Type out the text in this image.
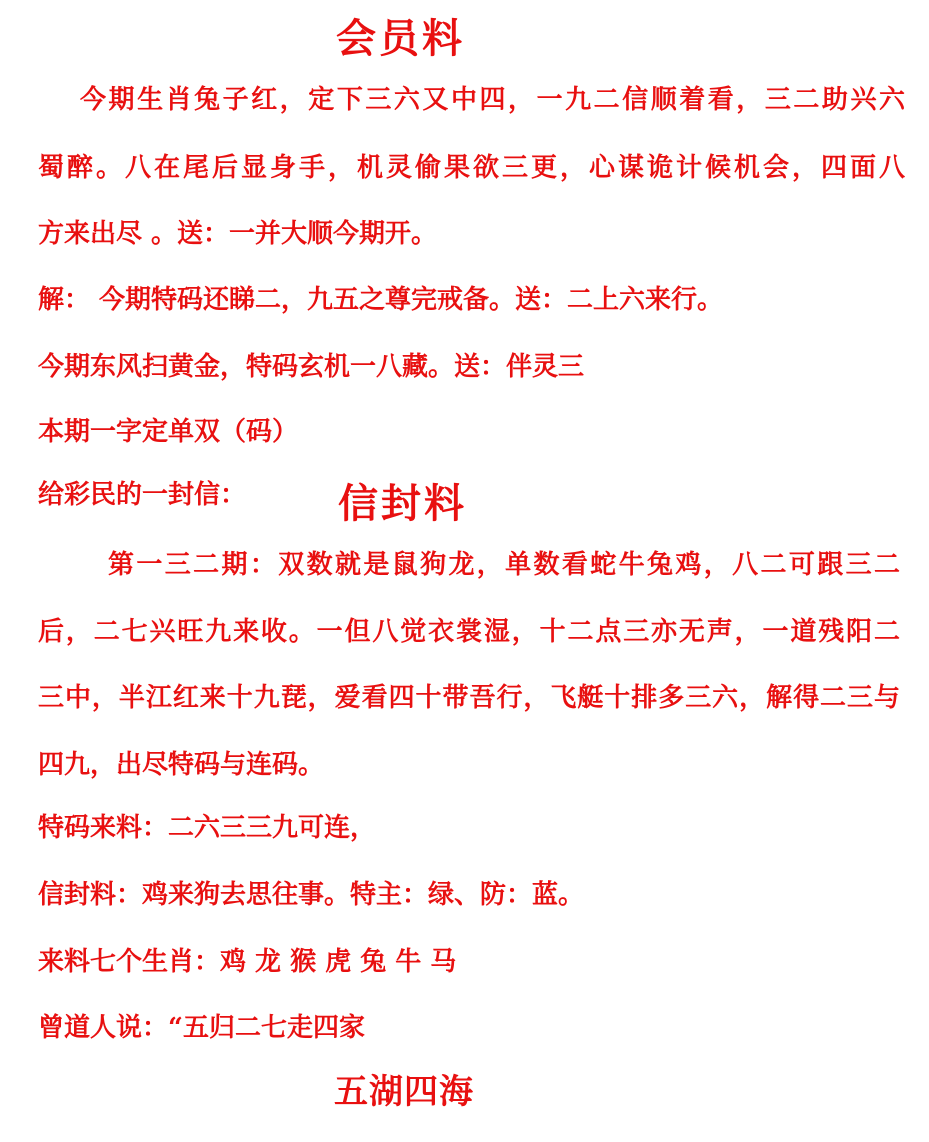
会员料
今期生肖兔子红，定下三六又中四，一九二信顺着看，三二助兴六
蜀醉。八在尾后显身手，机灵偷果欲三更，心谋诡计候机会，四面八
方来出尽 。送：一并大顺今期开。
解： 今期特码还睇二，九五之尊完戒备。送：二上六来行。
今期东风扫黄金，特码玄机一八藏。送：伴灵三
本期一字定单双（码）
给彩民的一封信： 信封料
第一三二期：双数就是鼠狗龙，单数看蛇牛兔鸡，八二可跟三二
后，二七兴旺九来收。一但八觉衣裳湿，十二点三亦无声，一道残阳二
三中，半江红来十九琵，爱看四十带吾行，飞艇十排多三六，解得二三与
四九，出尽特码与连码。
特码来料：二六三三九可连，
信封料：鸡来狗去思往事。特主：绿、防：蓝。
来料七个生肖：鸡 龙 猴 虎 兔 牛 马
曾道人说：“五归二七走四家
五湖四海
